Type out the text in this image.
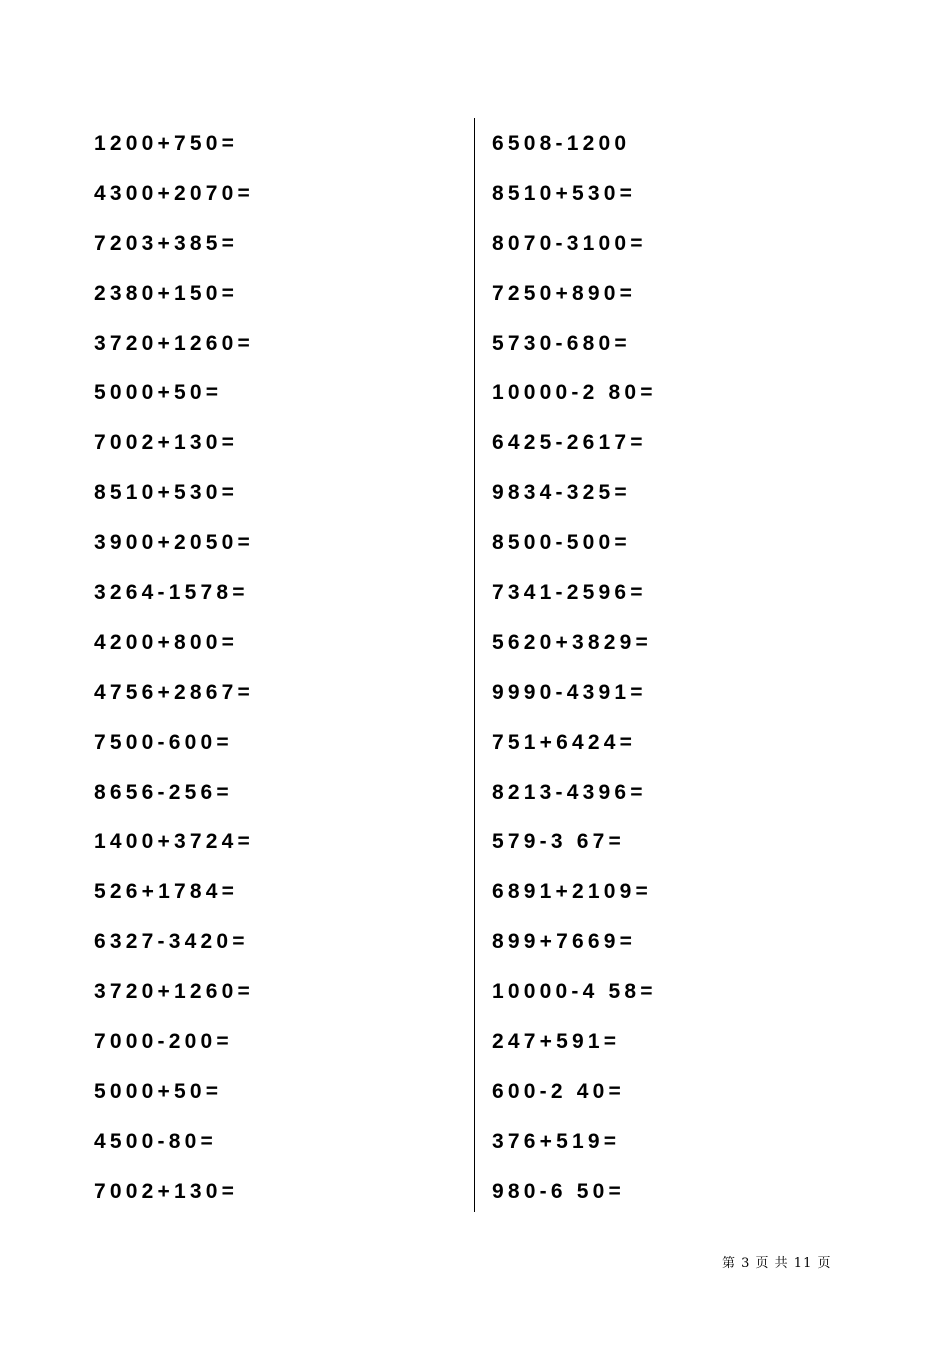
1200+750=
4300+2070=
7203+385=
2380+150=
3720+1260=
5000+50=
7002+130=
8510+530=
3900+2050=
3264-1578=
4200+800=
4756+2867=
7500-600=
8656-256=
1400+3724=
526+1784=
6327-3420=
3720+1260=
7000-200=
5000+50=
4500-80=
7002+130=
6508-1200
8510+530=
8070-3100=
7250+890=
5730-680=
10000-2 80=
6425-2617=
9834-325=
8500-500=
7341-2596=
5620+3829=
9990-4391=
751+6424=
8213-4396=
579-3 67=
6891+2109=
899+7669=
10000-4 58=
247+591=
600-2 40=
376+519=
980-6 50=
第 3 页 共 11 页
